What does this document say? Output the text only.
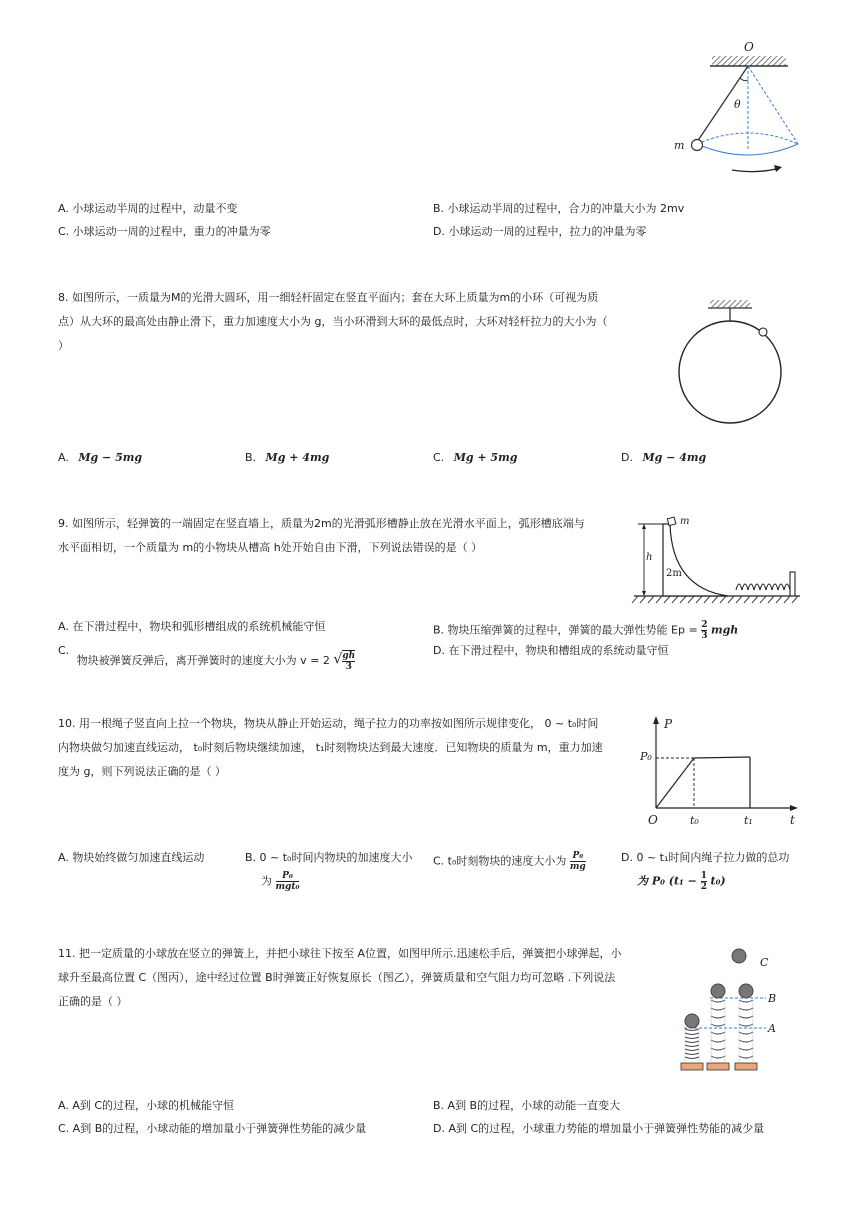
O
θ
m
A. 小球运动半周的过程中，动量不变	B. 小球运动半周的过程中，合力的冲量大小为 2mv
C. 小球运动一周的过程中，重力的冲量为零	D. 小球运动一周的过程中，拉力的冲量为零
8. 如图所示，一质量为M的光滑大圆环，用一细轻杆固定在竖直平面内；套在大环上质量为m的小环（可视为质
点）从大环的最高处由静止滑下，重力加速度大小为 g，当小环滑到大环的最低点时，大环对轻杆拉力的大小为（
）
A. Mg − 5mg	B. Mg + 4mg	C. Mg + 5mg	D. Mg − 4mg
9. 如图所示，轻弹簧的一端固定在竖直墙上，质量为2m的光滑弧形槽静止放在光滑水平面上，弧形槽底端与
水平面相切，一个质量为 m的小物块从槽高 h处开始自由下滑，下列说法错误的是（ ）
h
2m
m
A. 在下滑过程中，物块和弧形槽组成的系统机械能守恒	B. 物块压缩弹簧的过程中，弹簧的最大弹性势能 $Ep = \frac{2}{3}$ mgh
C. 物块被弹簧反弹后，离开弹簧时的速度大小为 v = 2 √ $\frac{gh}{3}$	D. 在下滑过程中，物块和槽组成的系统动量守恒
10. 用一根绳子竖直向上拉一个物块，物块从静止开始运动，绳子拉力的功率按如图所示规律变化， 0 ~ t₀时间
内物块做匀加速直线运动， t₀时刻后物块继续加速， t₁时刻物块达到最大速度．已知物块的质量为 m，重力加速
度为 g，则下列说法正确的是（ ）
P
t
O
P₀
t₀	t₁
A. 物块始终做匀加速直线运动	B. 0 ~ t₀时间内物块的加速度大小
为	P₀
mgt₀
C. t₀时刻物块的速度大小为 $\frac{\text{P₀}}{mg}$	D. 0 ~ t₁时间内绳子拉力做的总功
为 P₀ $(t_1 - \frac{1}{2} t_0)$
11. 把一定质量的小球放在竖立的弹簧上，并把小球往下按至 A位置，如图甲所示.迅速松手后，弹簧把小球弹起，小
球升至最高位置 C（图丙），途中经过位置 B时弹簧正好恢复原长（图乙），弹簧质量和空气阻力均可忽略 .下列说法
正确的是（ ）
A
B
C
A. A到 C的过程，小球的机械能守恒	B. A到 B的过程，小球的动能一直变大
C. A到 B的过程，小球动能的增加量小于弹簧弹性势能的减少量	D. A到 C的过程，小球重力势能的增加量小于弹簧弹性势能的减少量
